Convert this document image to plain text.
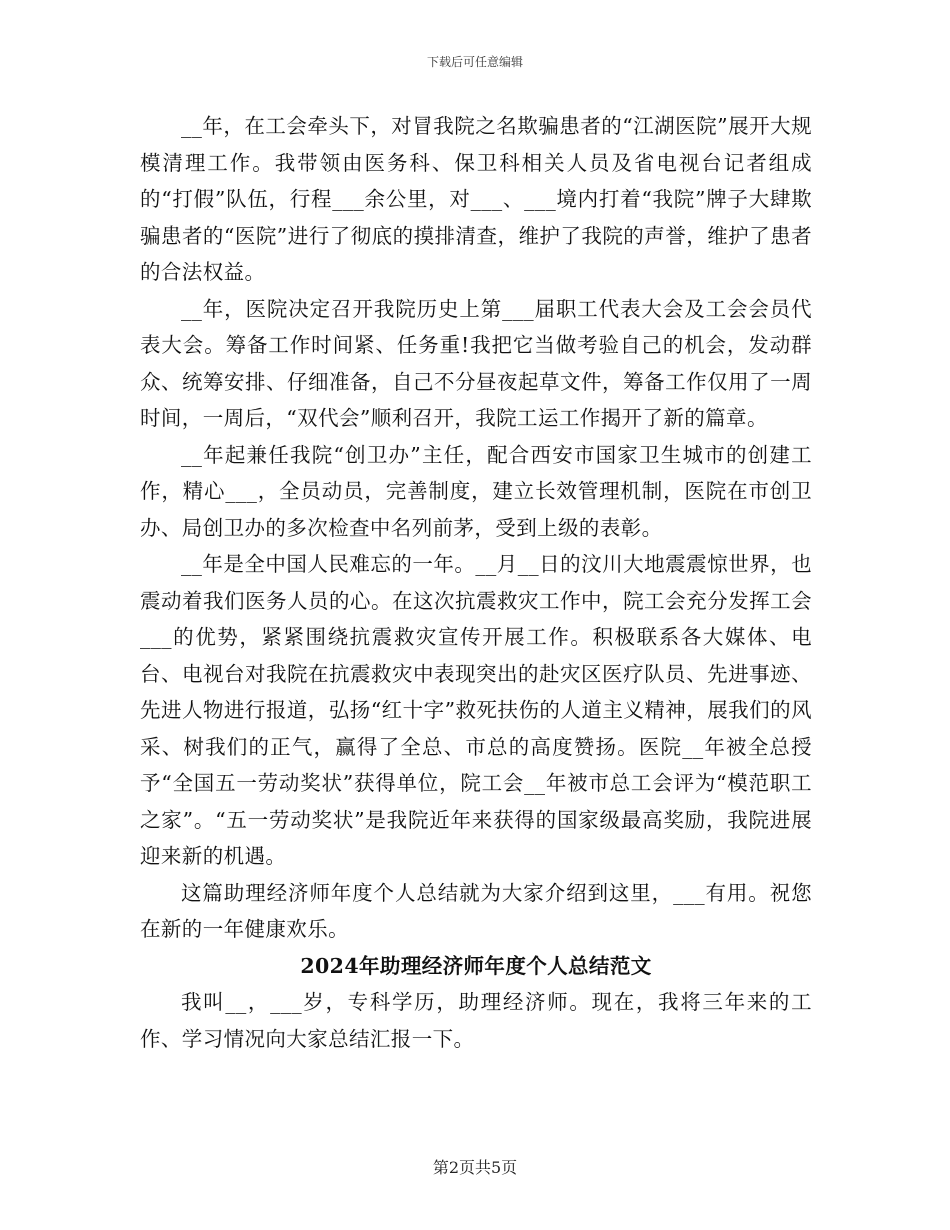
下载后可任意编辑

__年，在工会牵头下，对冒我院之名欺骗患者的“江湖医院”展开大规模清理工作。我带领由医务科、保卫科相关人员及省电视台记者组成的“打假”队伍，行程___余公里，对___、___境内打着“我院”牌子大肆欺骗患者的“医院”进行了彻底的摸排清查，维护了我院的声誉，维护了患者的合法权益。

__年，医院决定召开我院历史上第___届职工代表大会及工会会员代表大会。筹备工作时间紧、任务重!我把它当做考验自己的机会，发动群众、统筹安排、仔细准备，自己不分昼夜起草文件，筹备工作仅用了一周时间，一周后，“双代会”顺利召开，我院工运工作揭开了新的篇章。

__年起兼任我院“创卫办”主任，配合西安市国家卫生城市的创建工作，精心___，全员动员，完善制度，建立长效管理机制，医院在市创卫办、局创卫办的多次检查中名列前茅，受到上级的表彰。

__年是全中国人民难忘的一年。__月__日的汶川大地震震惊世界，也震动着我们医务人员的心。在这次抗震救灾工作中，院工会充分发挥工会___的优势，紧紧围绕抗震救灾宣传开展工作。积极联系各大媒体、电台、电视台对我院在抗震救灾中表现突出的赴灾区医疗队员、先进事迹、先进人物进行报道，弘扬“红十字”救死扶伤的人道主义精神，展我们的风采、树我们的正气，赢得了全总、市总的高度赞扬。医院__年被全总授予“全国五一劳动奖状”获得单位，院工会__年被市总工会评为“模范职工之家”。“五一劳动奖状”是我院近年来获得的国家级最高奖励，我院进展迎来新的机遇。

这篇助理经济师年度个人总结就为大家介绍到这里，___有用。祝您在新的一年健康欢乐。

2024年助理经济师年度个人总结范文

我叫__，___岁，专科学历，助理经济师。现在，我将三年来的工作、学习情况向大家总结汇报一下。

第2页共5页
